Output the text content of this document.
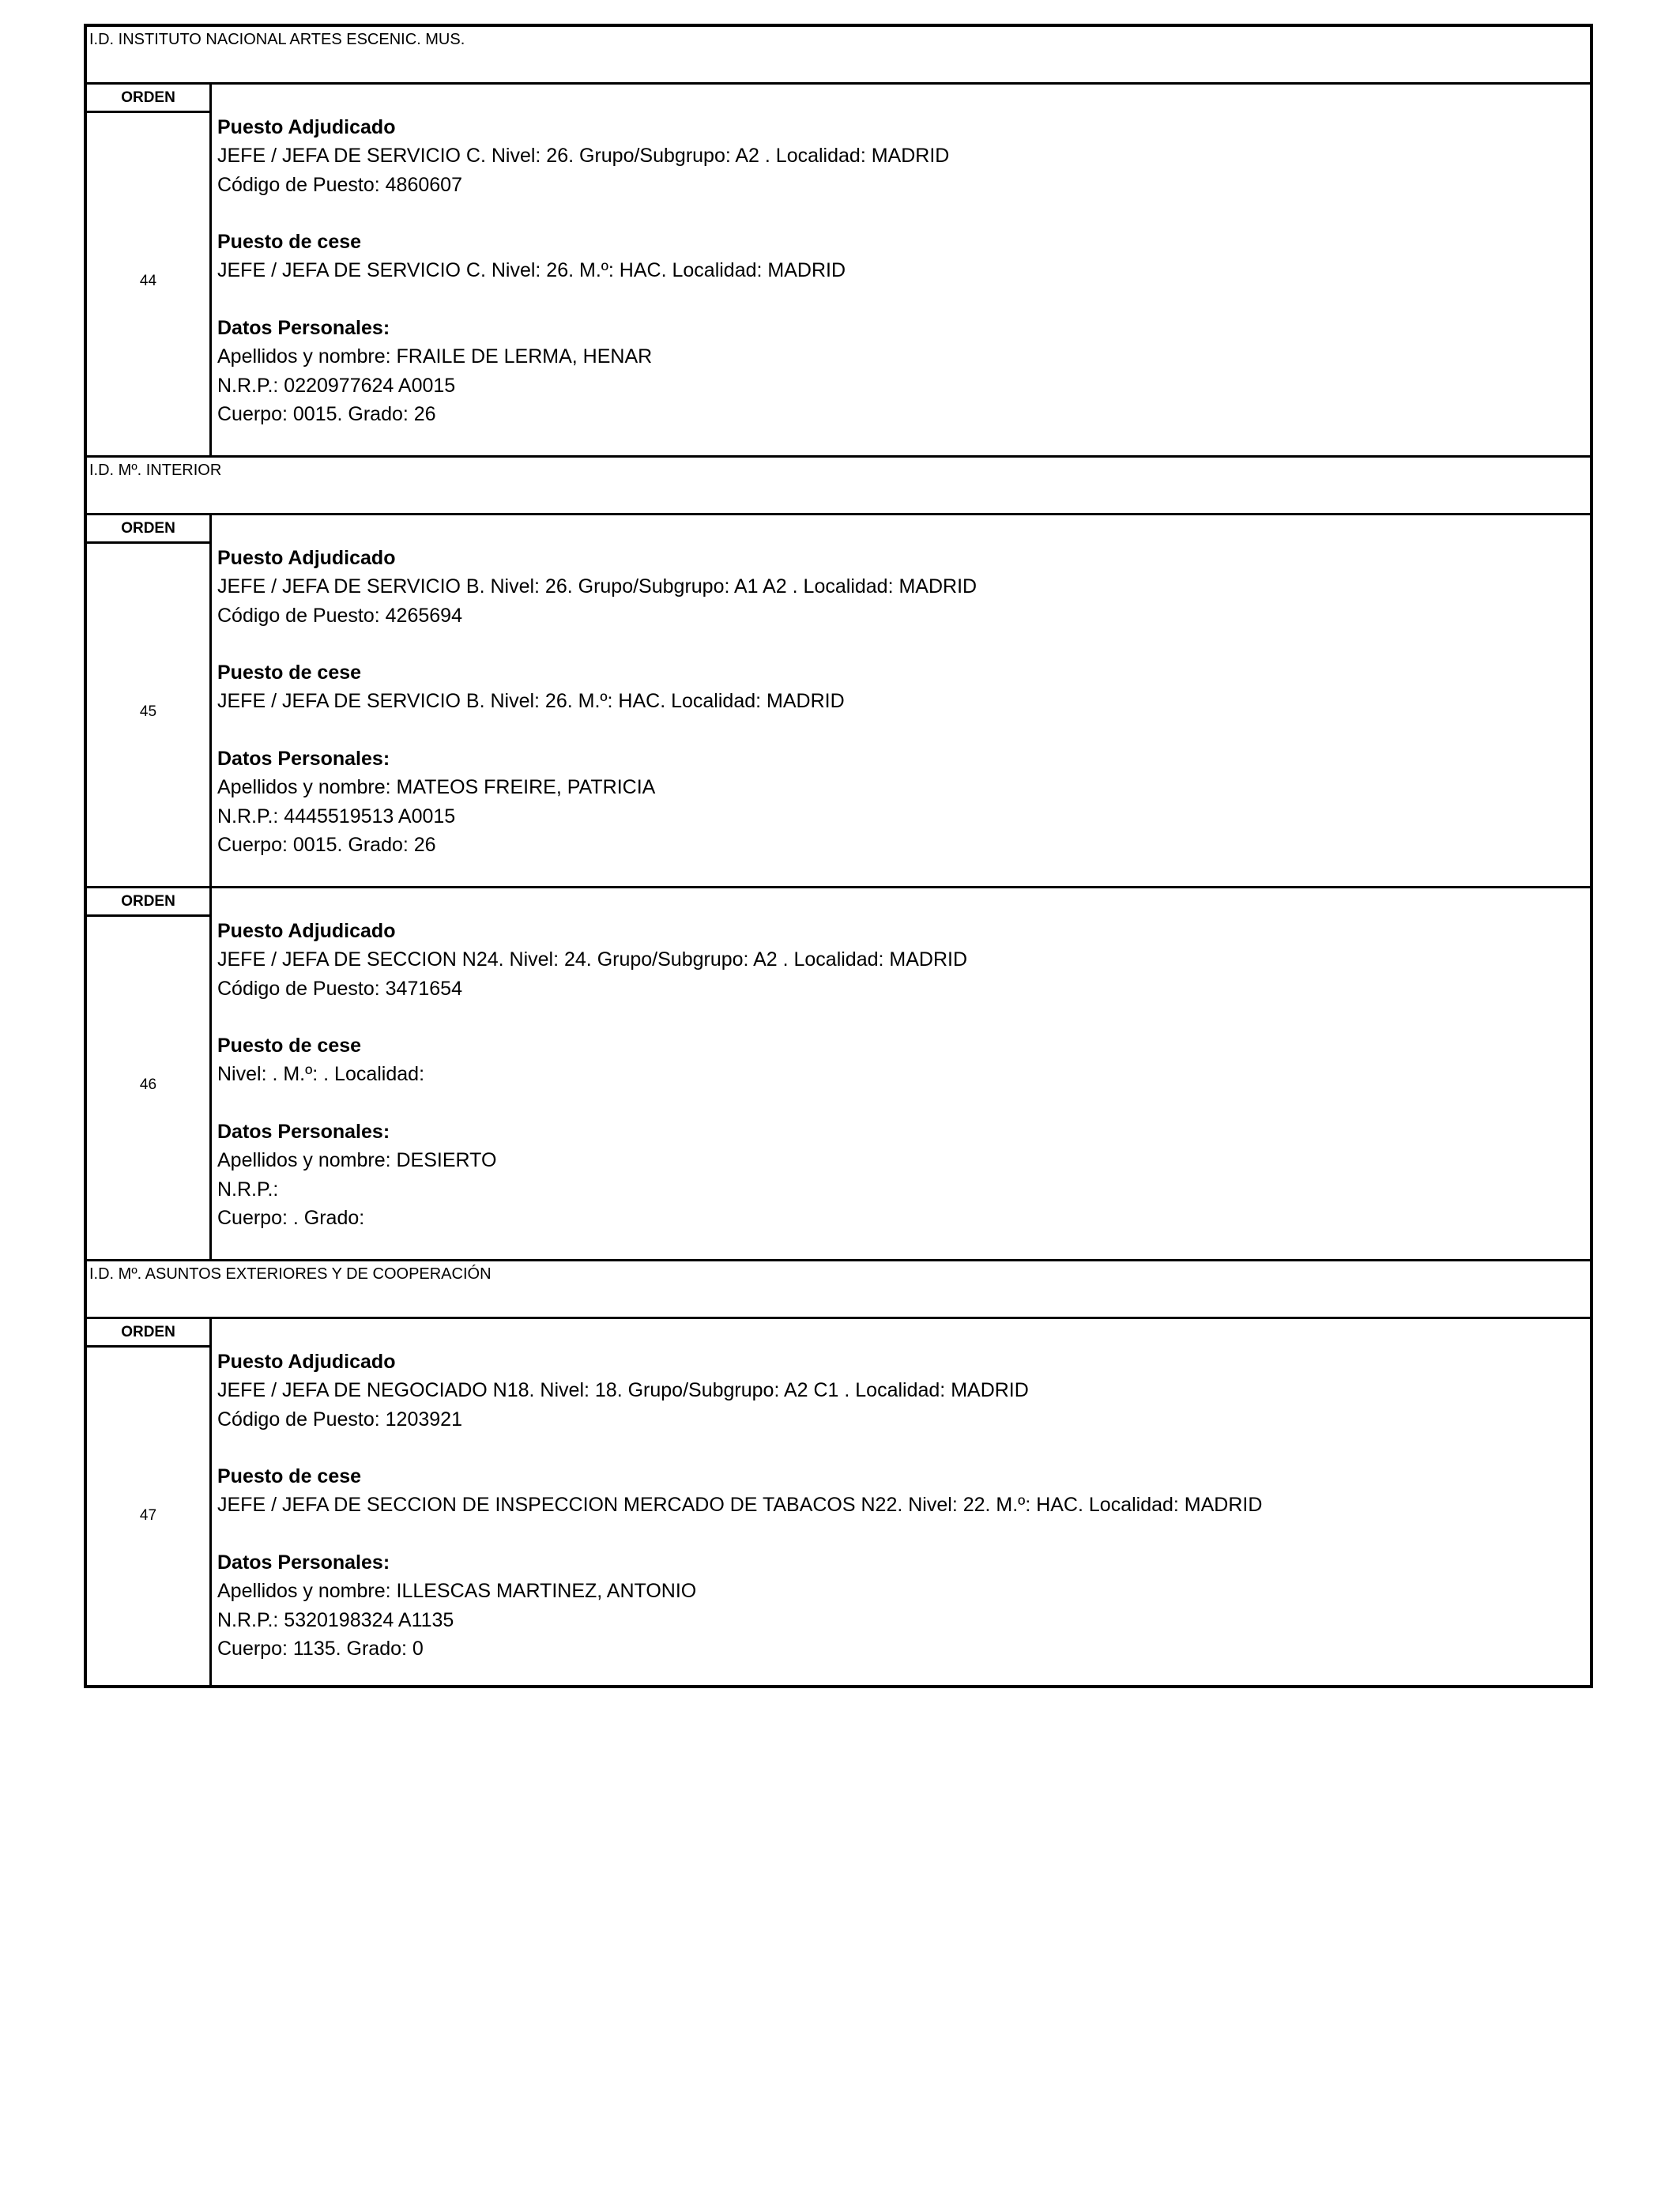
I.D. INSTITUTO NACIONAL ARTES ESCENIC. MUS.
ORDEN
44
Puesto Adjudicado
JEFE / JEFA DE SERVICIO C. Nivel: 26. Grupo/Subgrupo: A2 . Localidad: MADRID
Código de Puesto: 4860607
Puesto de cese
JEFE / JEFA DE SERVICIO C. Nivel: 26. M.º: HAC. Localidad: MADRID
Datos Personales:
Apellidos y nombre: FRAILE DE LERMA, HENAR
N.R.P.: 0220977624 A0015
Cuerpo: 0015. Grado: 26
I.D. Mº. INTERIOR
ORDEN
45
Puesto Adjudicado
JEFE / JEFA DE SERVICIO B. Nivel: 26. Grupo/Subgrupo: A1 A2 . Localidad: MADRID
Código de Puesto: 4265694
Puesto de cese
JEFE / JEFA DE SERVICIO B. Nivel: 26. M.º: HAC. Localidad: MADRID
Datos Personales:
Apellidos y nombre: MATEOS FREIRE, PATRICIA
N.R.P.: 4445519513 A0015
Cuerpo: 0015. Grado: 26
ORDEN
46
Puesto Adjudicado
JEFE / JEFA DE SECCION N24. Nivel: 24. Grupo/Subgrupo: A2 . Localidad: MADRID
Código de Puesto: 3471654
Puesto de cese
Nivel: . M.º: . Localidad:
Datos Personales:
Apellidos y nombre: DESIERTO
N.R.P.:
Cuerpo: . Grado:
I.D. Mº. ASUNTOS EXTERIORES Y DE COOPERACIÓN
ORDEN
47
Puesto Adjudicado
JEFE / JEFA DE NEGOCIADO N18. Nivel: 18. Grupo/Subgrupo: A2 C1 . Localidad: MADRID
Código de Puesto: 1203921
Puesto de cese
JEFE / JEFA DE SECCION DE INSPECCION MERCADO DE TABACOS N22. Nivel: 22. M.º: HAC. Localidad: MADRID
Datos Personales:
Apellidos y nombre: ILLESCAS MARTINEZ, ANTONIO
N.R.P.: 5320198324 A1135
Cuerpo: 1135. Grado: 0
